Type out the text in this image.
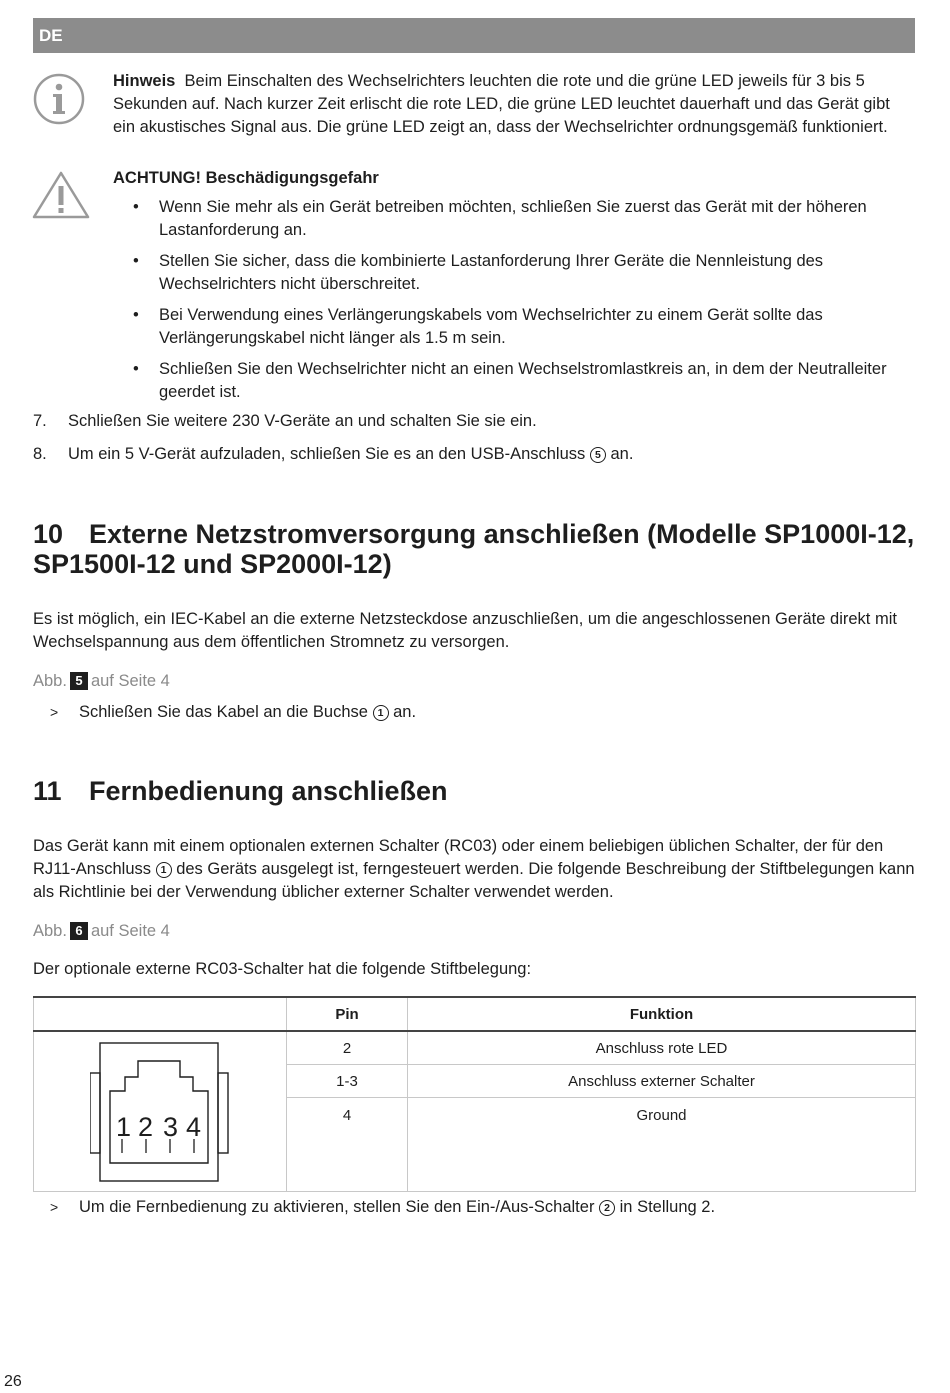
DE
Hinweis Beim Einschalten des Wechselrichters leuchten die rote und die grüne LED jeweils für 3 bis 5 Sekunden auf. Nach kurzer Zeit erlischt die rote LED, die grüne LED leuchtet dauerhaft und das Gerät gibt ein akustisches Signal aus. Die grüne LED zeigt an, dass der Wechselrichter ordnungsgemäß funktioniert.
ACHTUNG! Beschädigungsgefahr
• Wenn Sie mehr als ein Gerät betreiben möchten, schließen Sie zuerst das Gerät mit der höheren Lastanforderung an.
• Stellen Sie sicher, dass die kombinierte Lastanforderung Ihrer Geräte die Nennleistung des Wechselrichters nicht überschreitet.
• Bei Verwendung eines Verlängerungskabels vom Wechselrichter zu einem Gerät sollte das Verlängerungskabel nicht länger als 1.5 m sein.
• Schließen Sie den Wechselrichter nicht an einen Wechselstromlastkreis an, in dem der Neutralleiter geerdet ist.
7. Schließen Sie weitere 230 V-Geräte an und schalten Sie sie ein.
8. Um ein 5 V-Gerät aufzuladen, schließen Sie es an den USB-Anschluss 5 an.
10 Externe Netzstromversorgung anschließen (Modelle SP1000I-12, SP1500I-12 und SP2000I-12)
Es ist möglich, ein IEC-Kabel an die externe Netzsteckdose anzuschließen, um die angeschlossenen Geräte direkt mit Wechselspannung aus dem öffentlichen Stromnetz zu versorgen.
Abb. 5 auf Seite 4
> Schließen Sie das Kabel an die Buchse 1 an.
11 Fernbedienung anschließen
Das Gerät kann mit einem optionalen externen Schalter (RC03) oder einem beliebigen üblichen Schalter, der für den RJ11-Anschluss 1 des Geräts ausgelegt ist, ferngesteuert werden. Die folgende Beschreibung der Stiftbelegungen kann als Richtlinie bei der Verwendung üblicher externer Schalter verwendet werden.
Abb. 6 auf Seite 4
Der optionale externe RC03-Schalter hat die folgende Stiftbelegung:
	Pin	Funktion

1 2 3 4	2	Anschluss rote LED
	1-3	Anschluss externer Schalter
	4	Ground

> Um die Fernbedienung zu aktivieren, stellen Sie den Ein-/Aus-Schalter 2 in Stellung 2.
26
